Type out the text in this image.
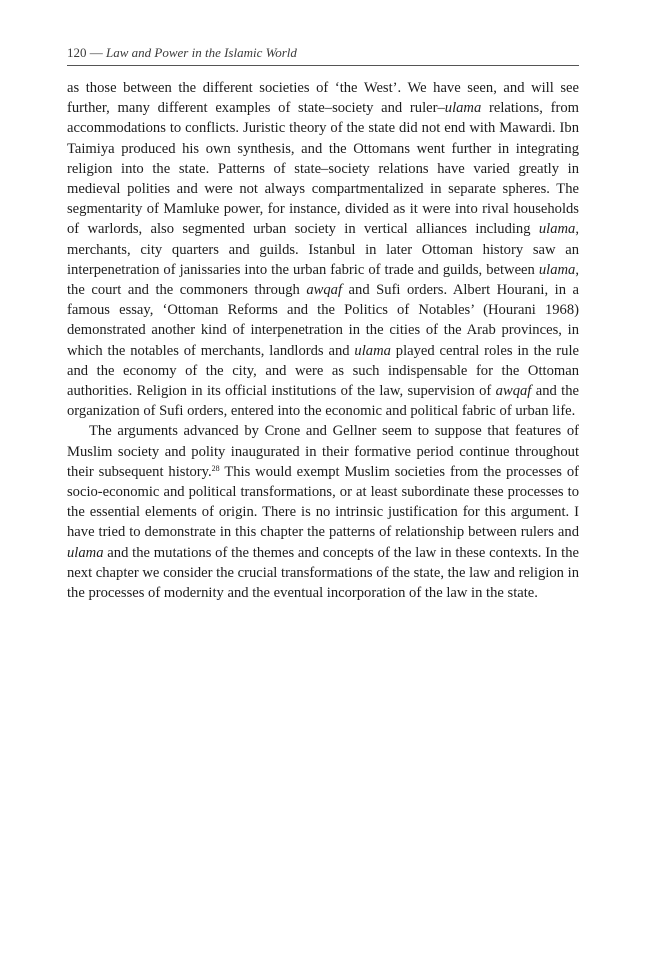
120 — Law and Power in the Islamic World

as those between the different societies of ‘the West’. We have seen, and will see further, many different examples of state–society and ruler–ulama relations, from accommodations to conflicts. Juristic theory of the state did not end with Mawardi. Ibn Taimiya produced his own synthesis, and the Ottomans went further in integrating religion into the state. Patterns of state–society relations have varied greatly in medieval polities and were not always compartmentalized in separate spheres. The segmentarity of Mamluke power, for instance, divided as it were into rival households of warlords, also segmented urban society in vertical alliances including ulama, merchants, city quarters and guilds. Istanbul in later Ottoman history saw an interpenetration of janissaries into the urban fabric of trade and guilds, between ulama, the court and the commoners through awqaf and Sufi orders. Albert Hourani, in a famous essay, ‘Ottoman Reforms and the Politics of Notables’ (Hourani 1968) demonstrated another kind of interpenetration in the cities of the Arab provinces, in which the notables of merchants, landlords and ulama played central roles in the rule and the economy of the city, and were as such indispensable for the Ottoman authorities. Religion in its official institutions of the law, supervision of awqaf and the organization of Sufi orders, entered into the economic and political fabric of urban life.

The arguments advanced by Crone and Gellner seem to suppose that features of Muslim society and polity inaugurated in their formative period continue throughout their subsequent history.$^{28}$ This would exempt Muslim societies from the processes of socio-economic and political transformations, or at least subordinate these processes to the essential elements of origin. There is no intrinsic justification for this argument. I have tried to demonstrate in this chapter the patterns of relationship between rulers and ulama and the mutations of the themes and concepts of the law in these contexts. In the next chapter we consider the crucial transformations of the state, the law and religion in the processes of modernity and the eventual incorporation of the law in the state.
